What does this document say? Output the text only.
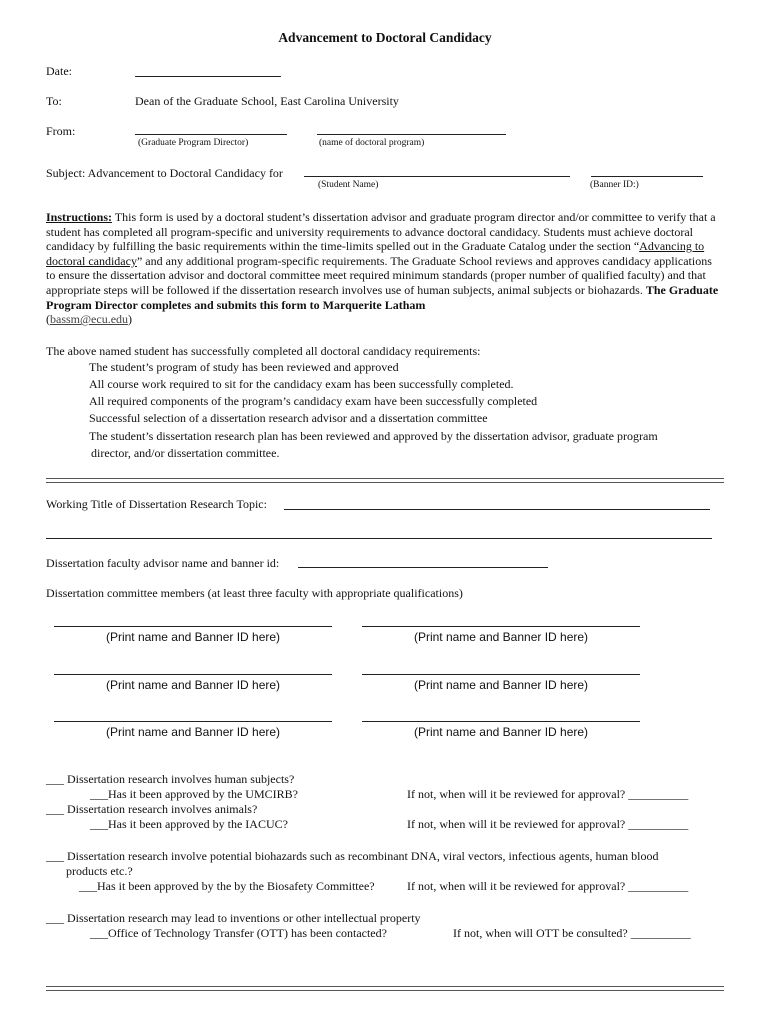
Advancement to Doctoral Candidacy
Date:
To:	Dean of the Graduate School, East Carolina University
From:
(Graduate Program Director)	(name of doctoral program)
Subject: Advancement to Doctoral Candidacy for
(Student Name)	(Banner ID:)
Instructions: This form is used by a doctoral student’s dissertation advisor and graduate program director and/or committee to verify that a student has completed all program-specific and university requirements to advance doctoral candidacy. Students must achieve doctoral candidacy by fulfilling the basic requirements within the time-limits spelled out in the Graduate Catalog under the section “Advancing to doctoral candidacy” and any additional program-specific requirements. The Graduate School reviews and approves candidacy applications to ensure the dissertation advisor and doctoral committee meet required minimum standards (proper number of qualified faculty) and that appropriate steps will be followed if the dissertation research involves use of human subjects, animal subjects or biohazards. The Graduate Program Director completes and submits this form to Marquerite Latham
(bassm@ecu.edu)
The above named student has successfully completed all doctoral candidacy requirements:
The student’s program of study has been reviewed and approved
All course work required to sit for the candidacy exam has been successfully completed.
All required components of the program’s candidacy exam have been successfully completed
Successful selection of a dissertation research advisor and a dissertation committee
The student’s dissertation research plan has been reviewed and approved by the dissertation advisor, graduate program
director, and/or dissertation committee.
Working Title of Dissertation Research Topic:
Dissertation faculty advisor name and banner id:
Dissertation committee members (at least three faculty with appropriate qualifications)
(Print name and Banner ID here)	(Print name and Banner ID here)
(Print name and Banner ID here)	(Print name and Banner ID here)
(Print name and Banner ID here)	(Print name and Banner ID here)
___ Dissertation research involves human subjects?
___Has it been approved by the UMCIRB?	If not, when will it be reviewed for approval? __________
___ Dissertation research involves animals?
___Has it been approved by the IACUC?	If not, when will it be reviewed for approval? __________
___ Dissertation research involve potential biohazards such as recombinant DNA, viral vectors, infectious agents, human blood
products etc.?
___Has it been approved by the by the Biosafety Committee?	If not, when will it be reviewed for approval? __________
___ Dissertation research may lead to inventions or other intellectual property
___Office of Technology Transfer (OTT) has been contacted?	If not, when will OTT be consulted? __________
